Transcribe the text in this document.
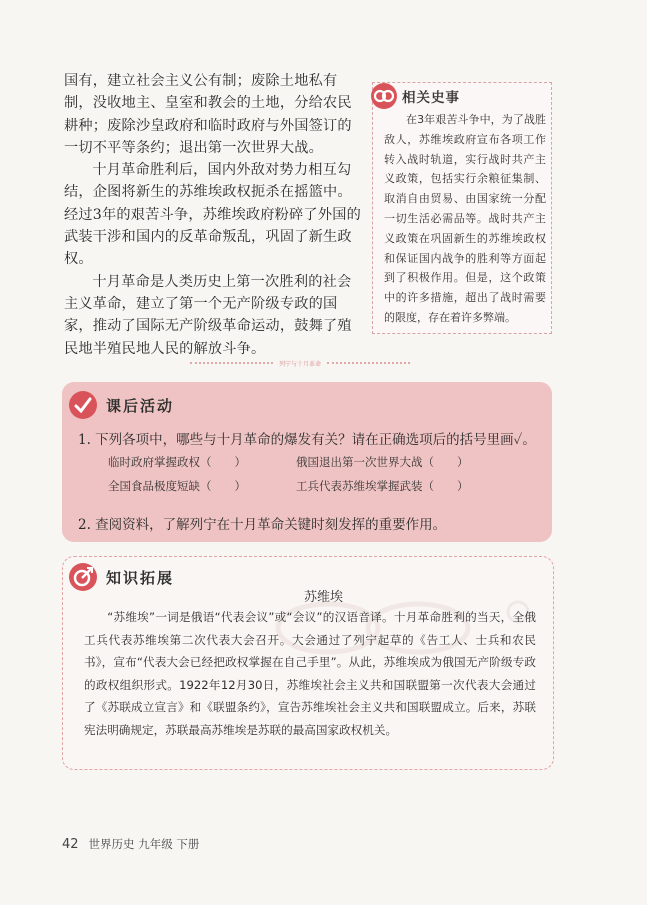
国有，建立社会主义公有制；废除土地私有制，没收地主、皇室和教会的土地，分给农民耕种；废除沙皇政府和临时政府与外国签订的一切不平等条约；退出第一次世界大战。

十月革命胜利后，国内外敌对势力相互勾结，企图将新生的苏维埃政权扼杀在摇篮中。经过3年的艰苦斗争，苏维埃政府粉碎了外国的武装干涉和国内的反革命叛乱，巩固了新生政权。

十月革命是人类历史上第一次胜利的社会主义革命，建立了第一个无产阶级专政的国家，推动了国际无产阶级革命运动，鼓舞了殖民地半殖民地人民的解放斗争。

相关史事

在3年艰苦斗争中，为了战胜敌人，苏维埃政府宣布各项工作转入战时轨道，实行战时共产主义政策，包括实行余粮征集制、取消自由贸易、由国家统一分配一切生活必需品等。战时共产主义政策在巩固新生的苏维埃政权和保证国内战争的胜利等方面起到了积极作用。但是，这个政策中的许多措施，超出了战时需要的限度，存在着许多弊端。

列宁与十月革命
课后活动
1. 下列各项中，哪些与十月革命的爆发有关？请在正确选项后的括号里画✓。
临时政府掌握政权（　　）	俄国退出第一次世界大战（　　）
全国食品极度短缺（　　）	工兵代表苏维埃掌握武装（　　）
2. 查阅资料，了解列宁在十月革命关键时刻发挥的重要作用。
知识拓展
苏维埃

“苏维埃”一词是俄语“代表会议”或“会议”的汉语音译。十月革命胜利的当天，全俄工兵代表苏维埃第二次代表大会召开。大会通过了列宁起草的《告工人、士兵和农民书》，宣布“代表大会已经把政权掌握在自己手里”。从此，苏维埃成为俄国无产阶级专政的政权组织形式。1922年12月30日，苏维埃社会主义共和国联盟第一次代表大会通过了《苏联成立宣言》和《联盟条约》，宣告苏维埃社会主义共和国联盟成立。后来，苏联宪法明确规定，苏联最高苏维埃是苏联的最高国家政权机关。

42 世界历史 九年级 下册
